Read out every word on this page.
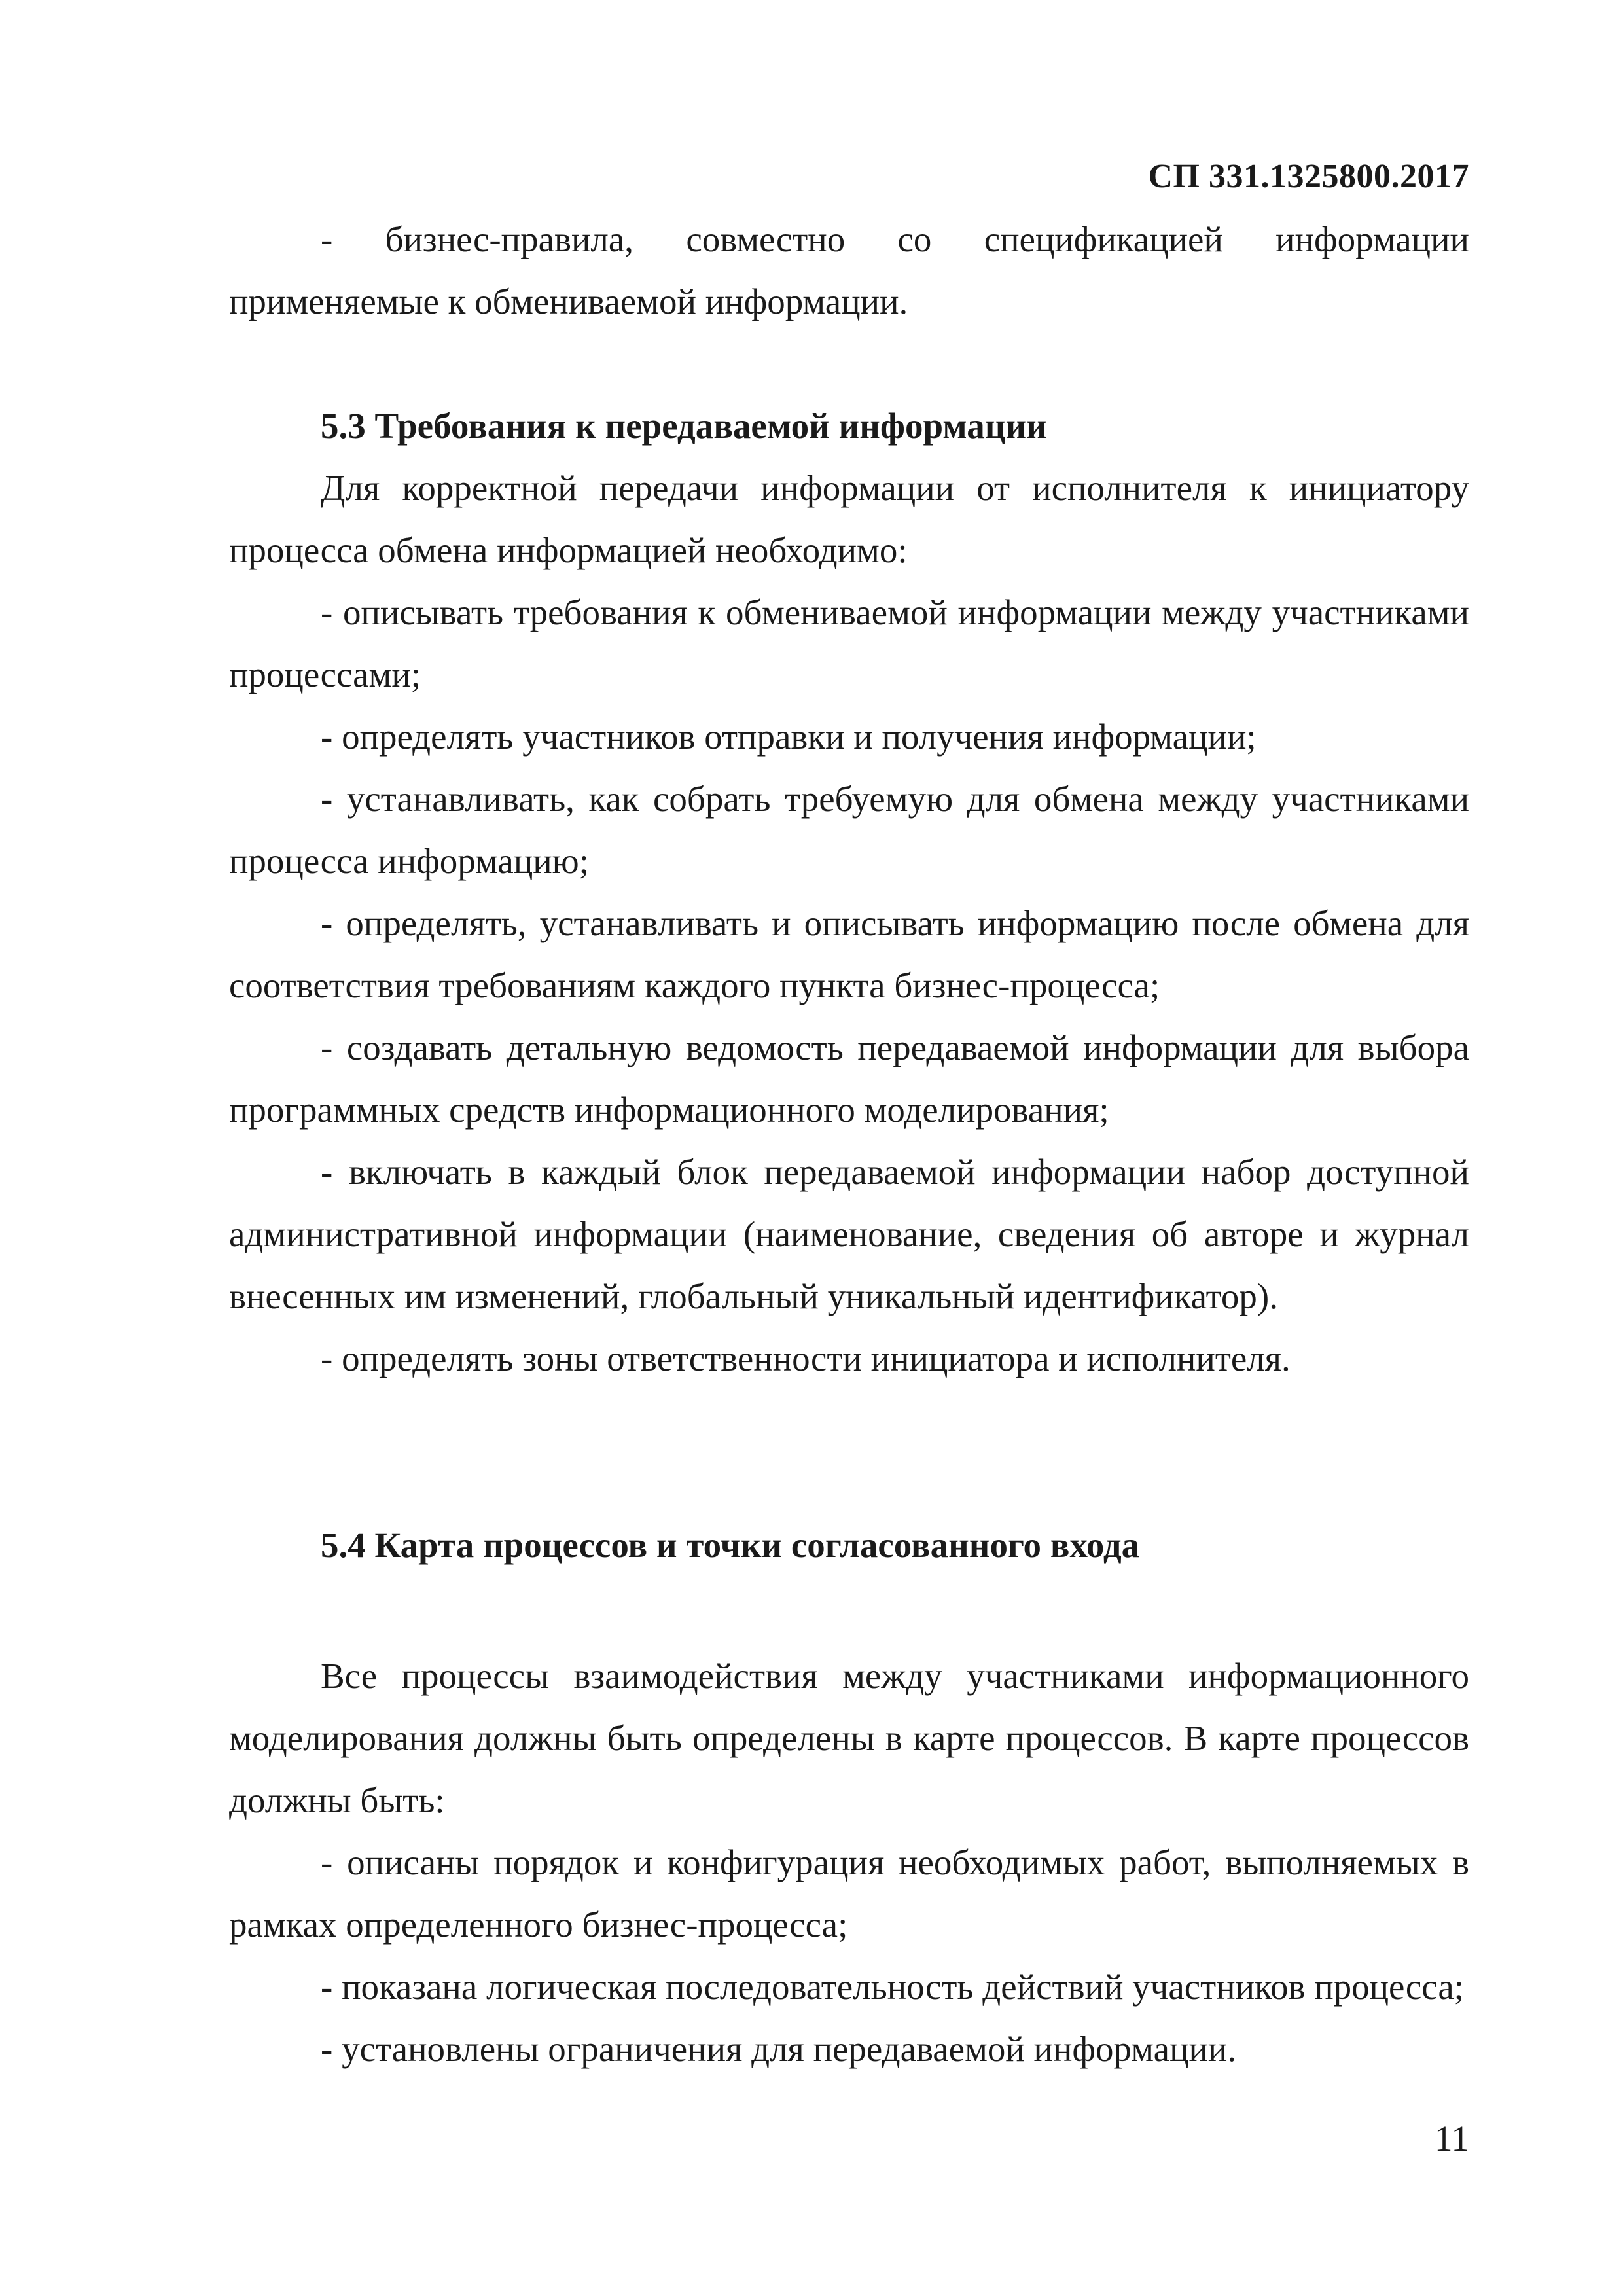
СП 331.1325800.2017

- бизнес-правила, совместно со спецификацией информации применяемые к обмениваемой информации.

5.3 Требования к передаваемой информации

Для корректной передачи информации от исполнителя к инициатору процесса обмена информацией необходимо:

- описывать требования к обмениваемой информации между участниками процессами;

- определять участников отправки и получения информации;

- устанавливать, как собрать требуемую для обмена между участниками процесса информацию;

- определять, устанавливать и описывать информацию после обмена для соответствия требованиям каждого пункта бизнес-процесса;

- создавать детальную ведомость передаваемой информации для выбора программных средств информационного моделирования;

- включать в каждый блок передаваемой информации набор доступной административной информации (наименование, сведения об авторе и журнал внесенных им изменений, глобальный уникальный идентификатор).

- определять зоны ответственности инициатора и исполнителя.

5.4 Карта процессов и точки согласованного входа

Все процессы взаимодействия между участниками информационного моделирования должны быть определены в карте процессов. В карте процессов должны быть:

- описаны порядок и конфигурация необходимых работ, выполняемых в рамках определенного бизнес-процесса;

- показана логическая последовательность действий участников процесса;

- установлены ограничения для передаваемой информации.

11
